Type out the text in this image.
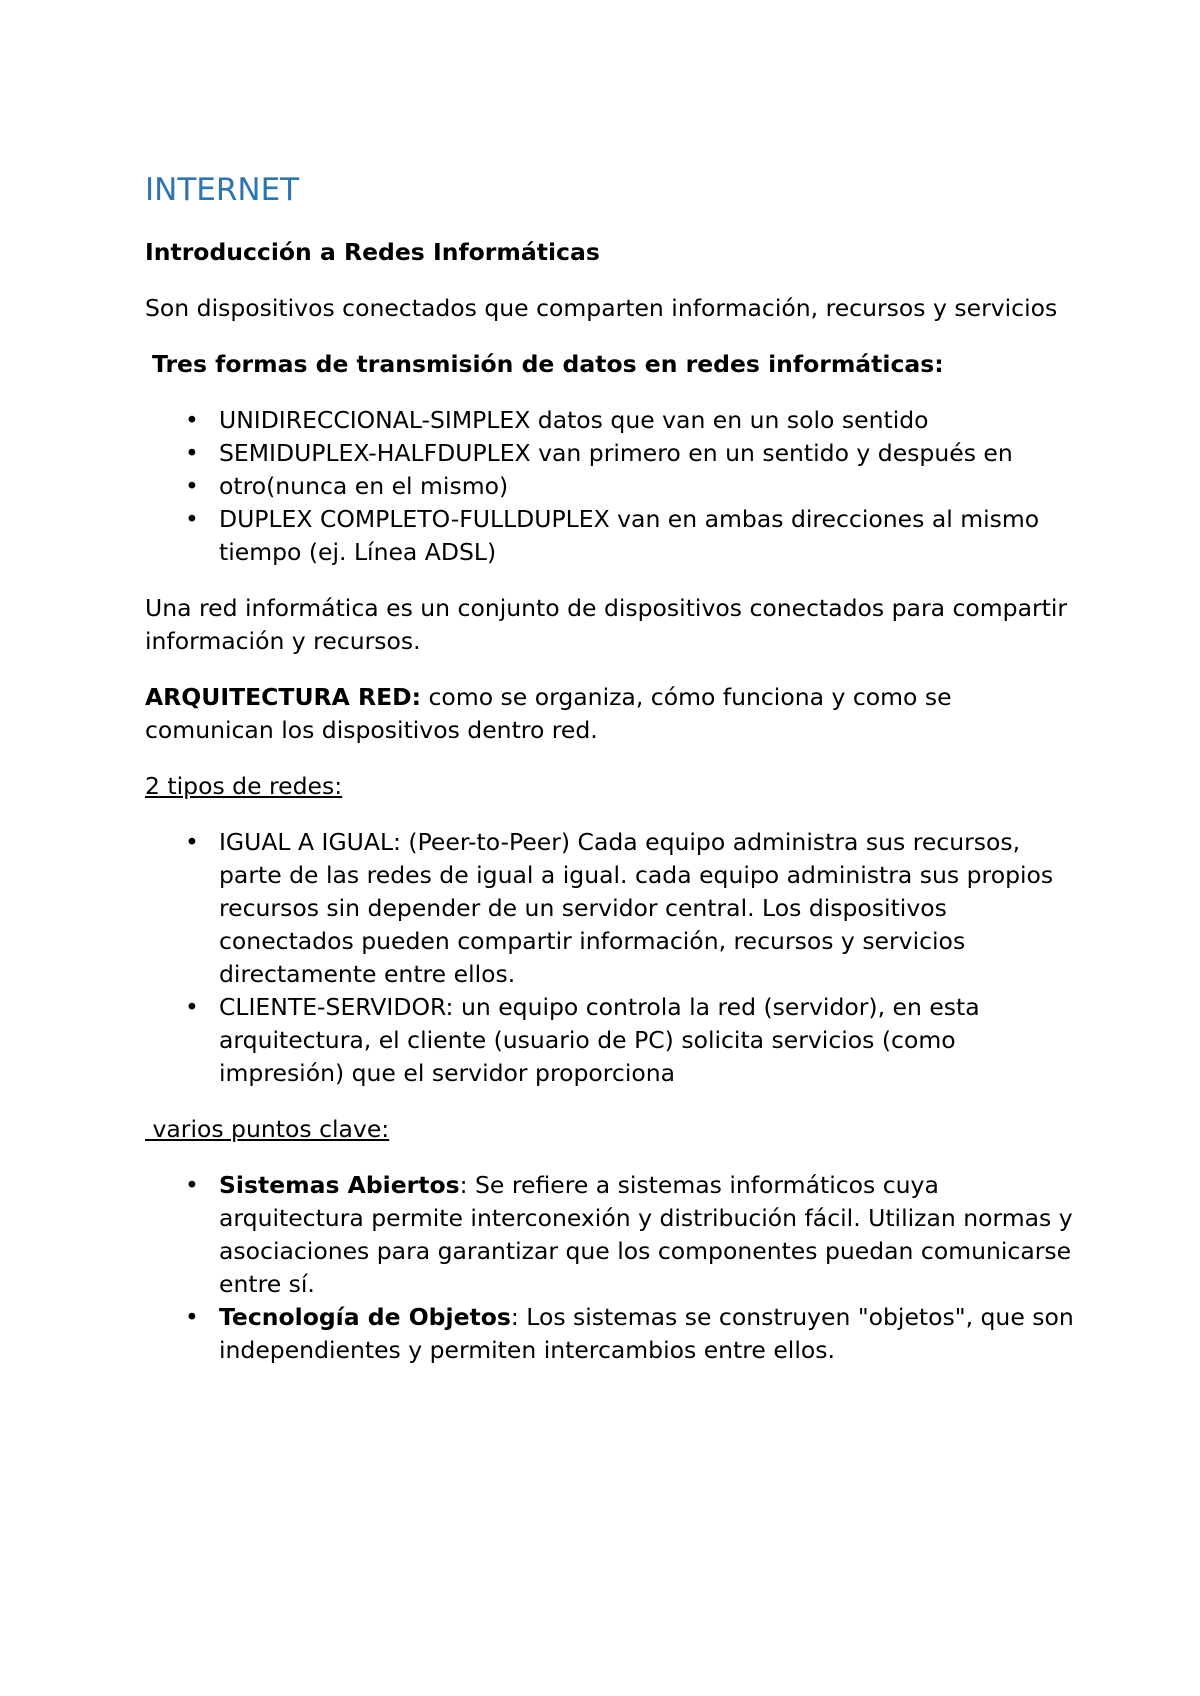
INTERNET

Introducción a Redes Informáticas

Son dispositivos conectados que comparten información, recursos y servicios

Tres formas de transmisión de datos en redes informáticas:

• UNIDIRECCIONAL-SIMPLEX datos que van en un solo sentido
• SEMIDUPLEX-HALFDUPLEX van primero en un sentido y después en
• otro(nunca en el mismo)
• DUPLEX COMPLETO-FULLDUPLEX van en ambas direcciones al mismo tiempo (ej. Línea ADSL)

Una red informática es un conjunto de dispositivos conectados para compartir información y recursos.

ARQUITECTURA RED: como se organiza, cómo funciona y como se comunican los dispositivos dentro red.

2 tipos de redes:

• IGUAL A IGUAL: (Peer-to-Peer) Cada equipo administra sus recursos, parte de las redes de igual a igual. cada equipo administra sus propios recursos sin depender de un servidor central. Los dispositivos conectados pueden compartir información, recursos y servicios directamente entre ellos.
• CLIENTE-SERVIDOR: un equipo controla la red (servidor), en esta arquitectura, el cliente (usuario de PC) solicita servicios (como impresión) que el servidor proporciona

varios puntos clave:

• Sistemas Abiertos: Se refiere a sistemas informáticos cuya arquitectura permite interconexión y distribución fácil. Utilizan normas y asociaciones para garantizar que los componentes puedan comunicarse entre sí.
• Tecnología de Objetos: Los sistemas se construyen "objetos", que son independientes y permiten intercambios entre ellos.
